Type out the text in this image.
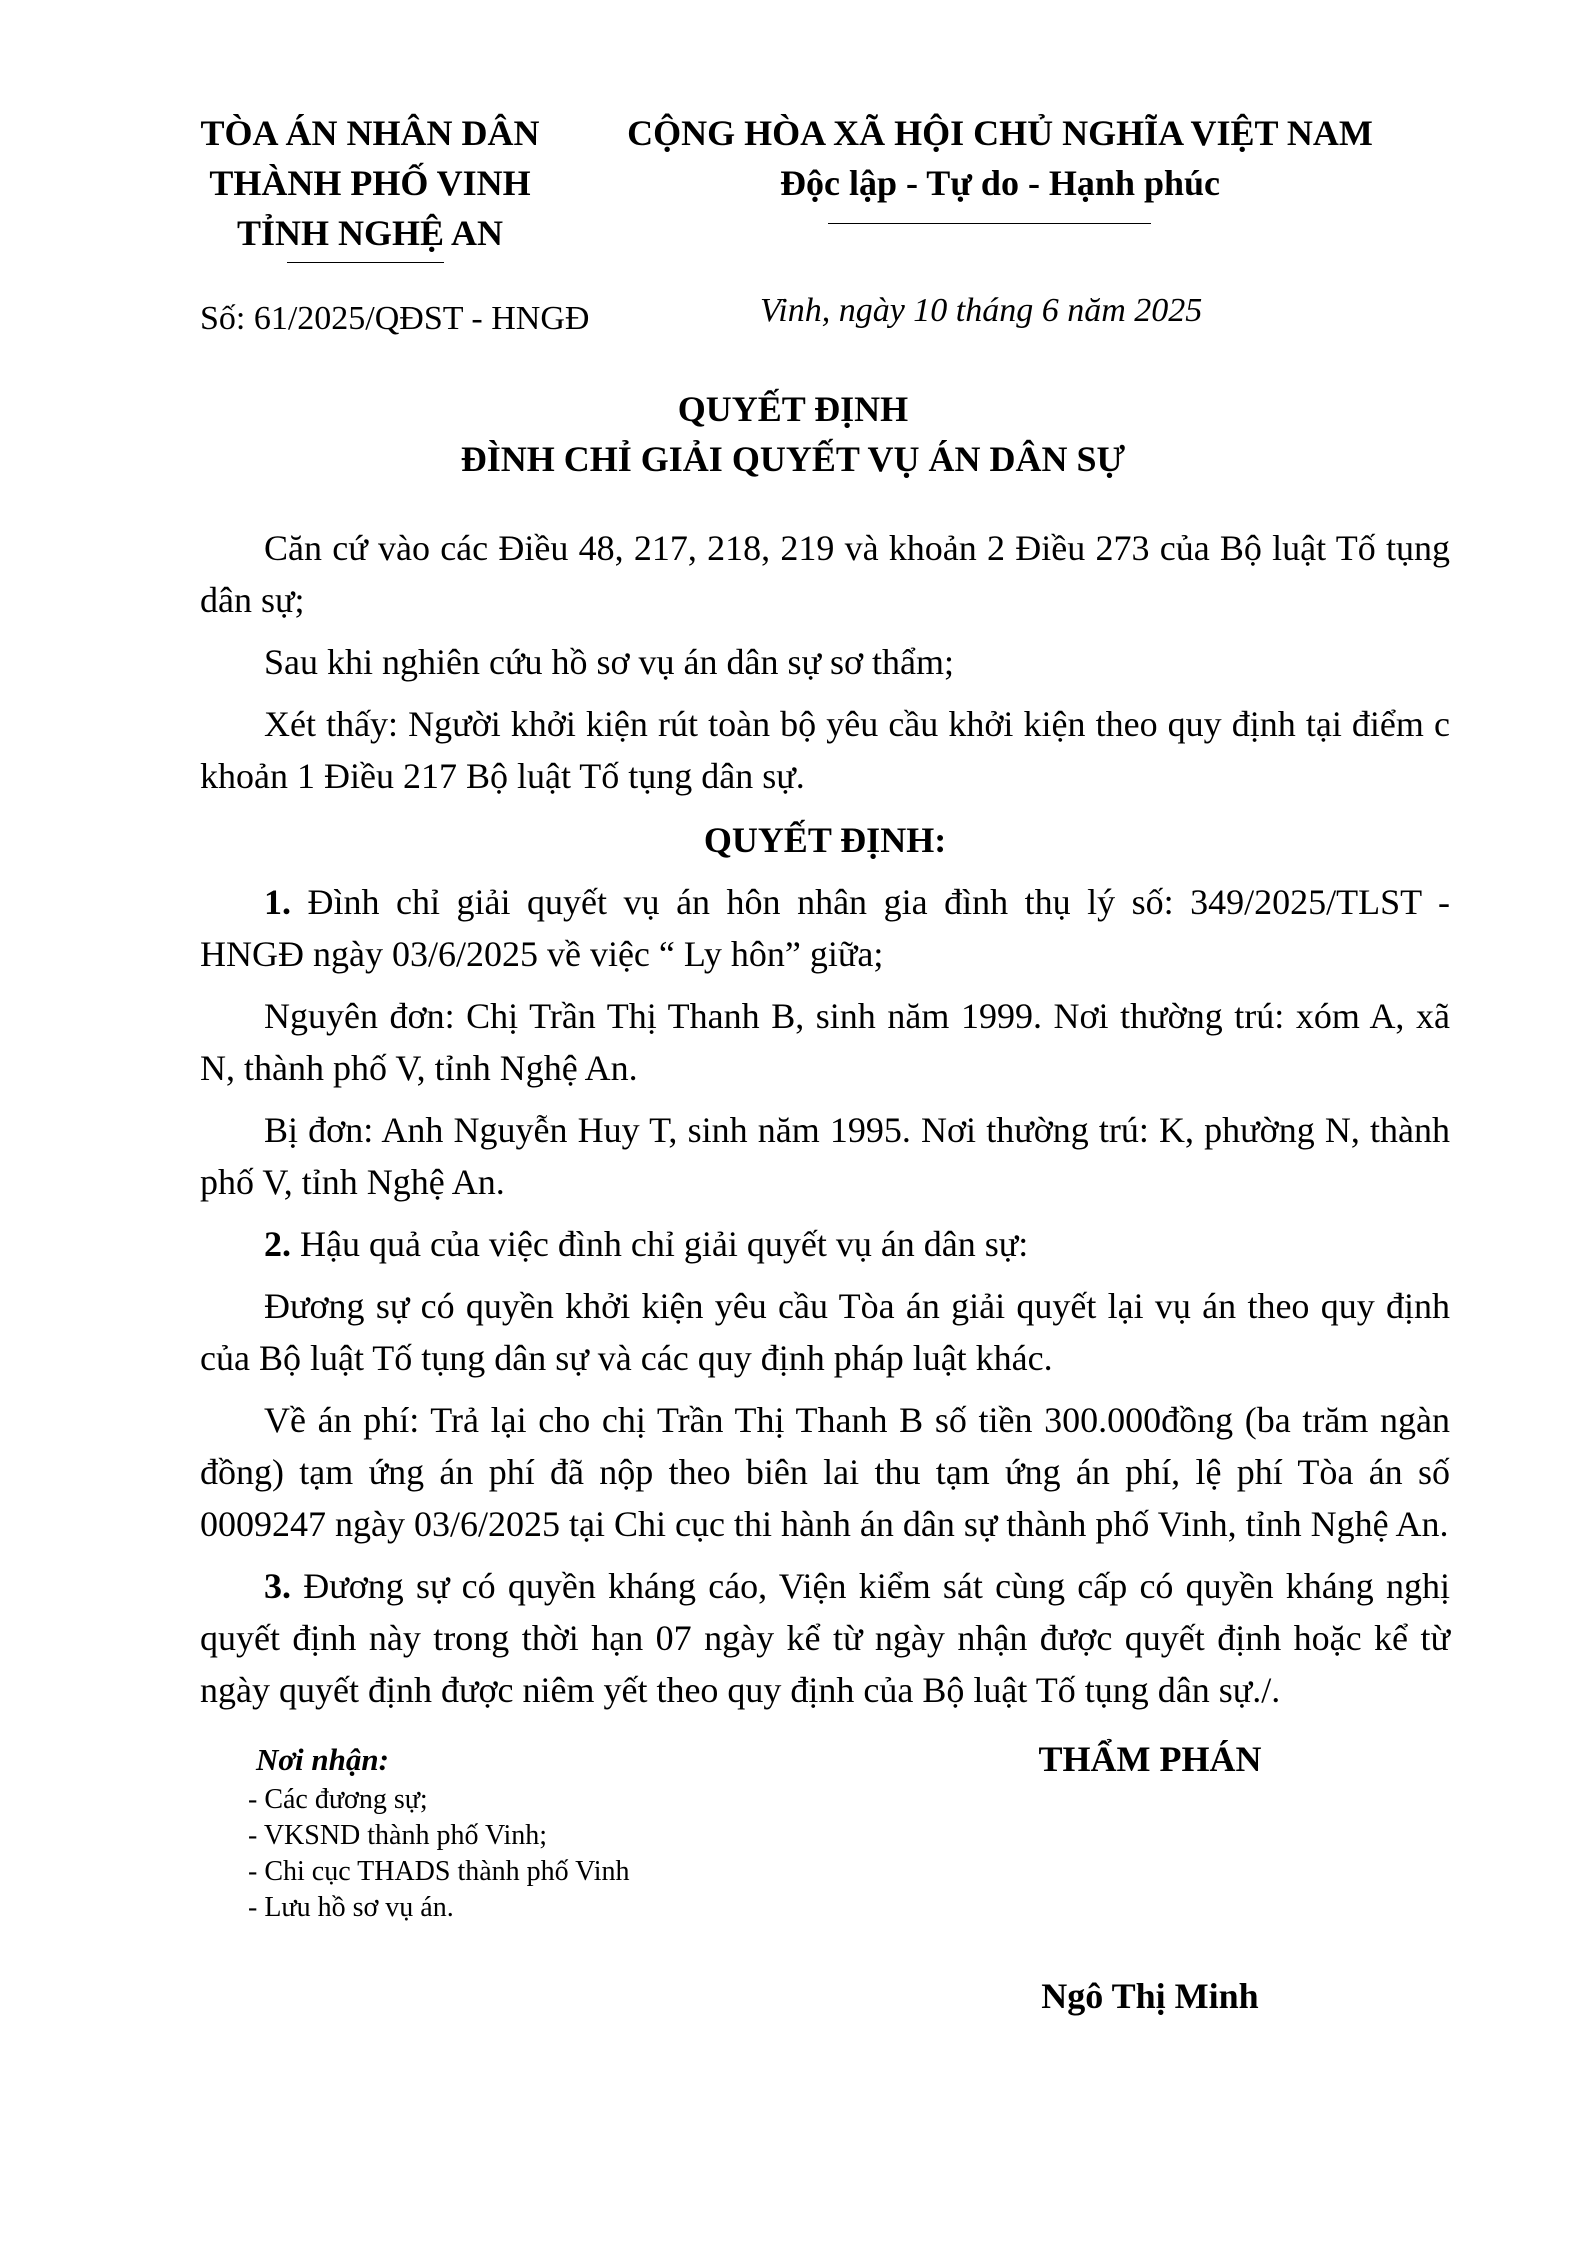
TÒA ÁN NHÂN DÂN
THÀNH PHỐ VINH
TỈNH NGHỆ AN
CỘNG HÒA XÃ HỘI CHỦ NGHĨA VIỆT NAM
Độc lập - Tự do - Hạnh phúc
Số: 61/2025/QĐST - HNGĐ	Vinh, ngày 10 tháng 6 năm 2025
QUYẾT ĐỊNH
ĐÌNH CHỈ GIẢI QUYẾT VỤ ÁN DÂN SỰ

Căn cứ vào các Điều 48, 217, 218, 219 và khoản 2 Điều 273 của Bộ luật Tố tụng dân sự;

Sau khi nghiên cứu hồ sơ vụ án dân sự sơ thẩm;

Xét thấy: Người khởi kiện rút toàn bộ yêu cầu khởi kiện theo quy định tại điểm c khoản 1 Điều 217 Bộ luật Tố tụng dân sự.

QUYẾT ĐỊNH:

1. Đình chỉ giải quyết vụ án hôn nhân gia đình thụ lý số: 349/2025/TLST - HNGĐ ngày 03/6/2025 về việc “ Ly hôn” giữa;

Nguyên đơn: Chị Trần Thị Thanh B, sinh năm 1999. Nơi thường trú: xóm A, xã N, thành phố V, tỉnh Nghệ An.

Bị đơn: Anh Nguyễn Huy T, sinh năm 1995. Nơi thường trú: K, phường N, thành phố V, tỉnh Nghệ An.

2. Hậu quả của việc đình chỉ giải quyết vụ án dân sự:

Đương sự có quyền khởi kiện yêu cầu Tòa án giải quyết lại vụ án theo quy định của Bộ luật Tố tụng dân sự và các quy định pháp luật khác.

Về án phí: Trả lại cho chị Trần Thị Thanh B số tiền 300.000đồng (ba trăm ngàn đồng) tạm ứng án phí đã nộp theo biên lai thu tạm ứng án phí, lệ phí Tòa án số 0009247 ngày 03/6/2025 tại Chi cục thi hành án dân sự thành phố Vinh, tỉnh Nghệ An.

3. Đương sự có quyền kháng cáo, Viện kiểm sát cùng cấp có quyền kháng nghị quyết định này trong thời hạn 07 ngày kể từ ngày nhận được quyết định hoặc kể từ ngày quyết định được niêm yết theo quy định của Bộ luật Tố tụng dân sự./.

Nơi nhận:
- Các đương sự;
- VKSND thành phố Vinh;
- Chi cục THADS thành phố Vinh
- Lưu hồ sơ vụ án.
THẨM PHÁN
Ngô Thị Minh
